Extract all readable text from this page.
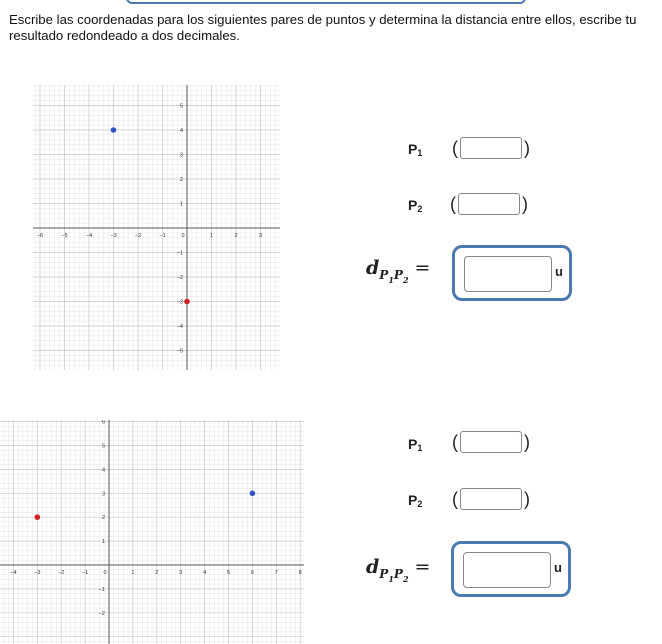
Escribe las coordenadas para los siguientes pares de puntos y determina la distancia entre ellos, escribe tu resultado redondeado a dos decimales.
−6	−5	−4	−3	−2	−1	0	1	2	3
−5
−4
−3
−2
−1
1
2
3
4
5
$P_1$ (	)
$P_2$ (	)
$d_{P1P2}=$	u
−4	−3	−2	−1	0	1	2	3	4	5	6	7	8
−2
−1
1
2
3
4
5
6
$P_1$ (	)
$P_2$ (	)
$d_{P1P2}=$	u
